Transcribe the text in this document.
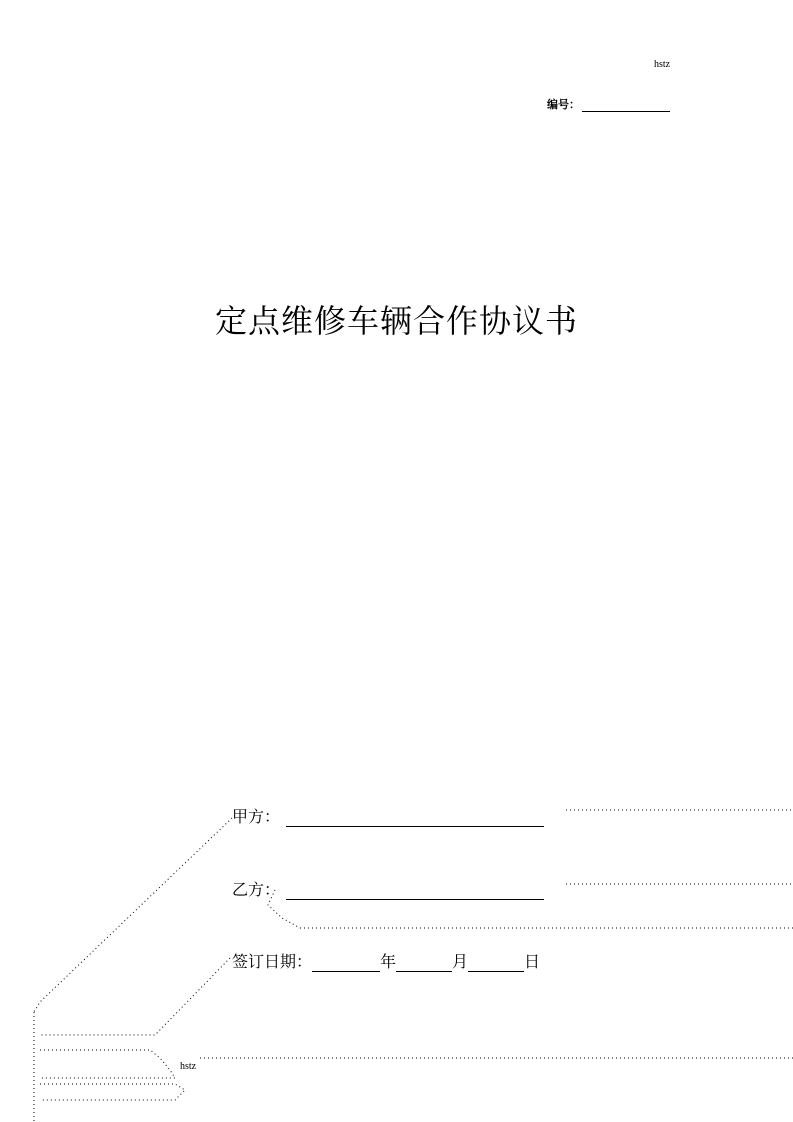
hstz
编号：
定点维修车辆合作协议书
甲方：
乙方：
签订日期：	年	月	日
hstz
